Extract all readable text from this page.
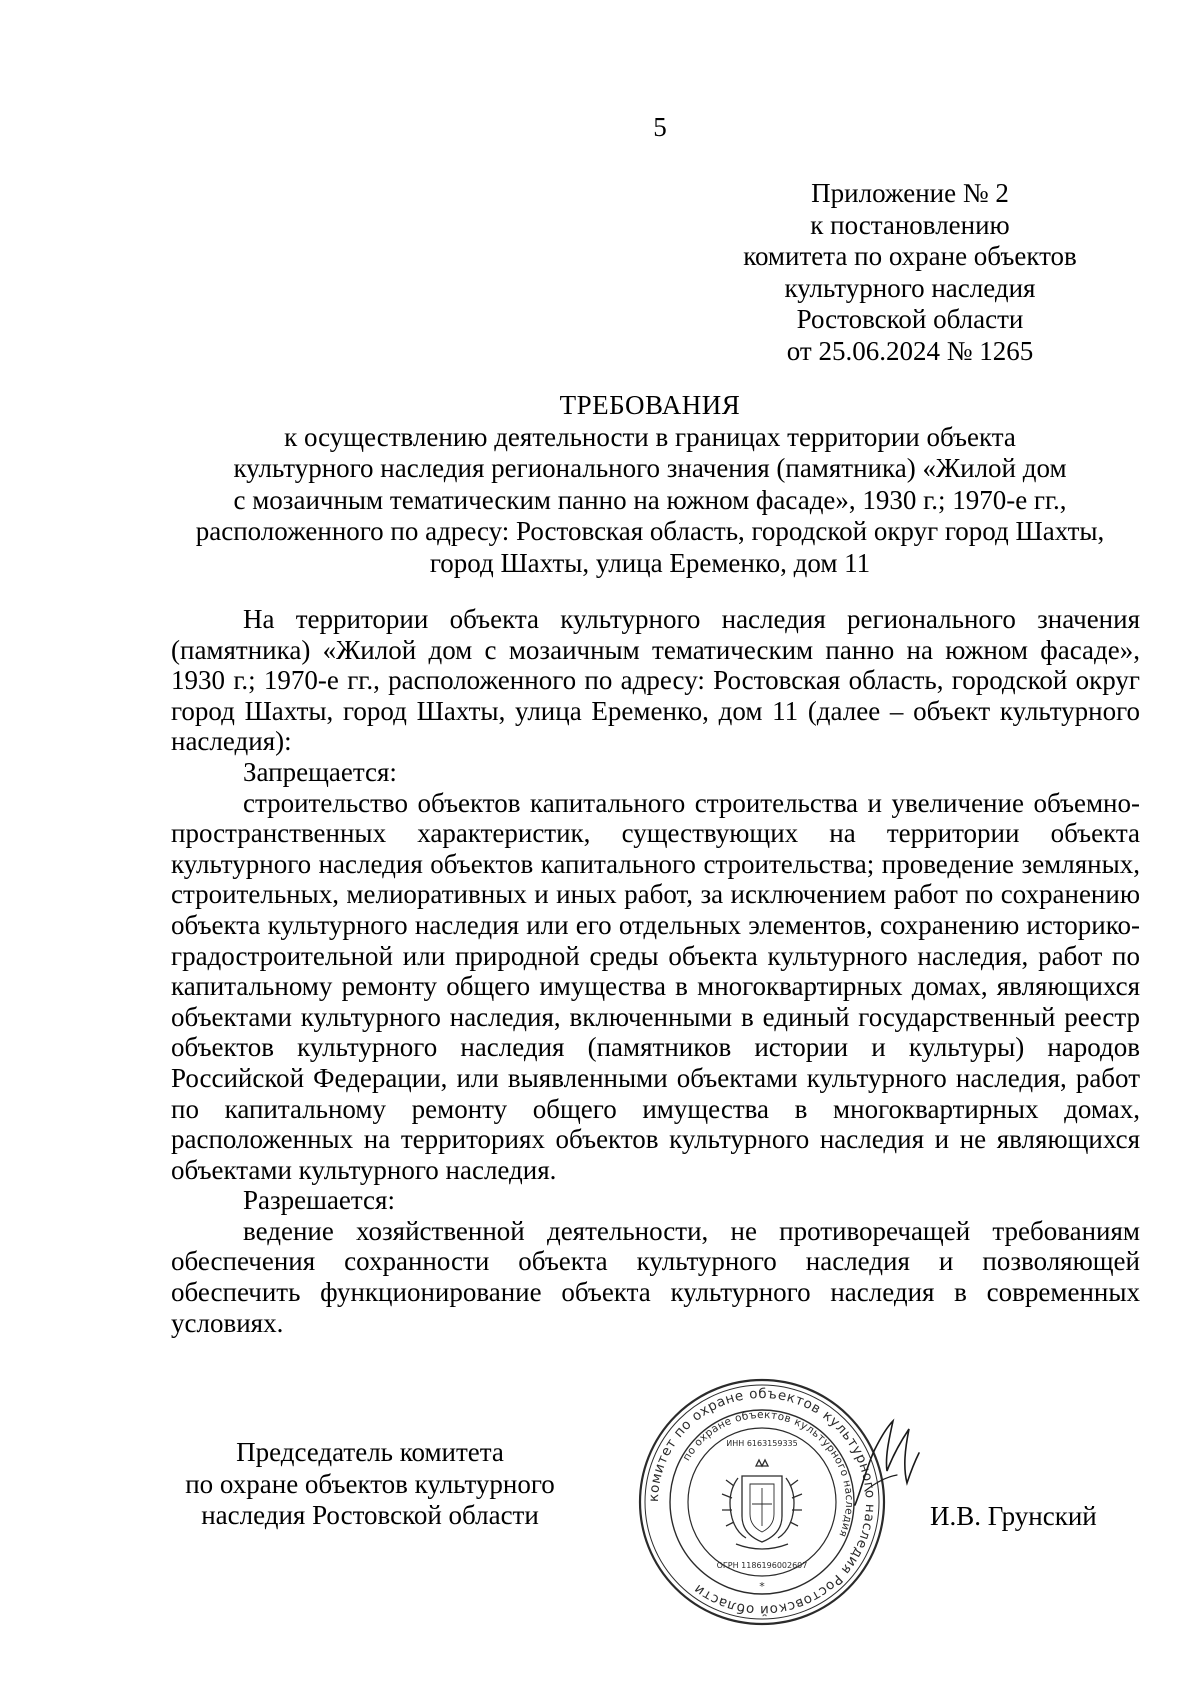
5
Приложение № 2
к постановлению
комитета по охране объектов
культурного наследия
Ростовской области
от 25.06.2024 № 1265
ТРЕБОВАНИЯ
к осуществлению деятельности в границах территории объекта
культурного наследия регионального значения (памятника) «Жилой дом
с мозаичным тематическим панно на южном фасаде», 1930 г.; 1970-е гг.,
расположенного по адресу: Ростовская область, городской округ город Шахты,
город Шахты, улица Еременко, дом 11

На территории объекта культурного наследия регионального значения (памятника) «Жилой дом с мозаичным тематическим панно на южном фасаде», 1930 г.; 1970-е гг., расположенного по адресу: Ростовская область, городской округ город Шахты, город Шахты, улица Еременко, дом 11 (далее – объект культурного наследия):

Запрещается:

строительство объектов капитального строительства и увеличение объемно-пространственных характеристик, существующих на территории объекта культурного наследия объектов капитального строительства; проведение земляных, строительных, мелиоративных и иных работ, за исключением работ по сохранению объекта культурного наследия или его отдельных элементов, сохранению историко-градостроительной или природной среды объекта культурного наследия, работ по капитальному ремонту общего имущества в многоквартирных домах, являющихся объектами культурного наследия, включенными в единый государственный реестр объектов культурного наследия (памятников истории и культуры) народов Российской Федерации, или выявленными объектами культурного наследия, работ по капитальному ремонту общего имущества в многоквартирных домах, расположенных на территориях объектов культурного наследия и не являющихся объектами культурного наследия.

Разрешается:

ведение хозяйственной деятельности, не противоречащей требованиям обеспечения сохранности объекта культурного наследия и позволяющей обеспечить функционирование объекта культурного наследия в современных условиях.

Председатель комитета
по охране объектов культурного
наследия Ростовской области
комитет по охране объектов культурного наследия Ростовской области
по охране объектов культурного наследия
ИНН 6163159335
ОГРН 1186196002607
*
И.В. Грунский
